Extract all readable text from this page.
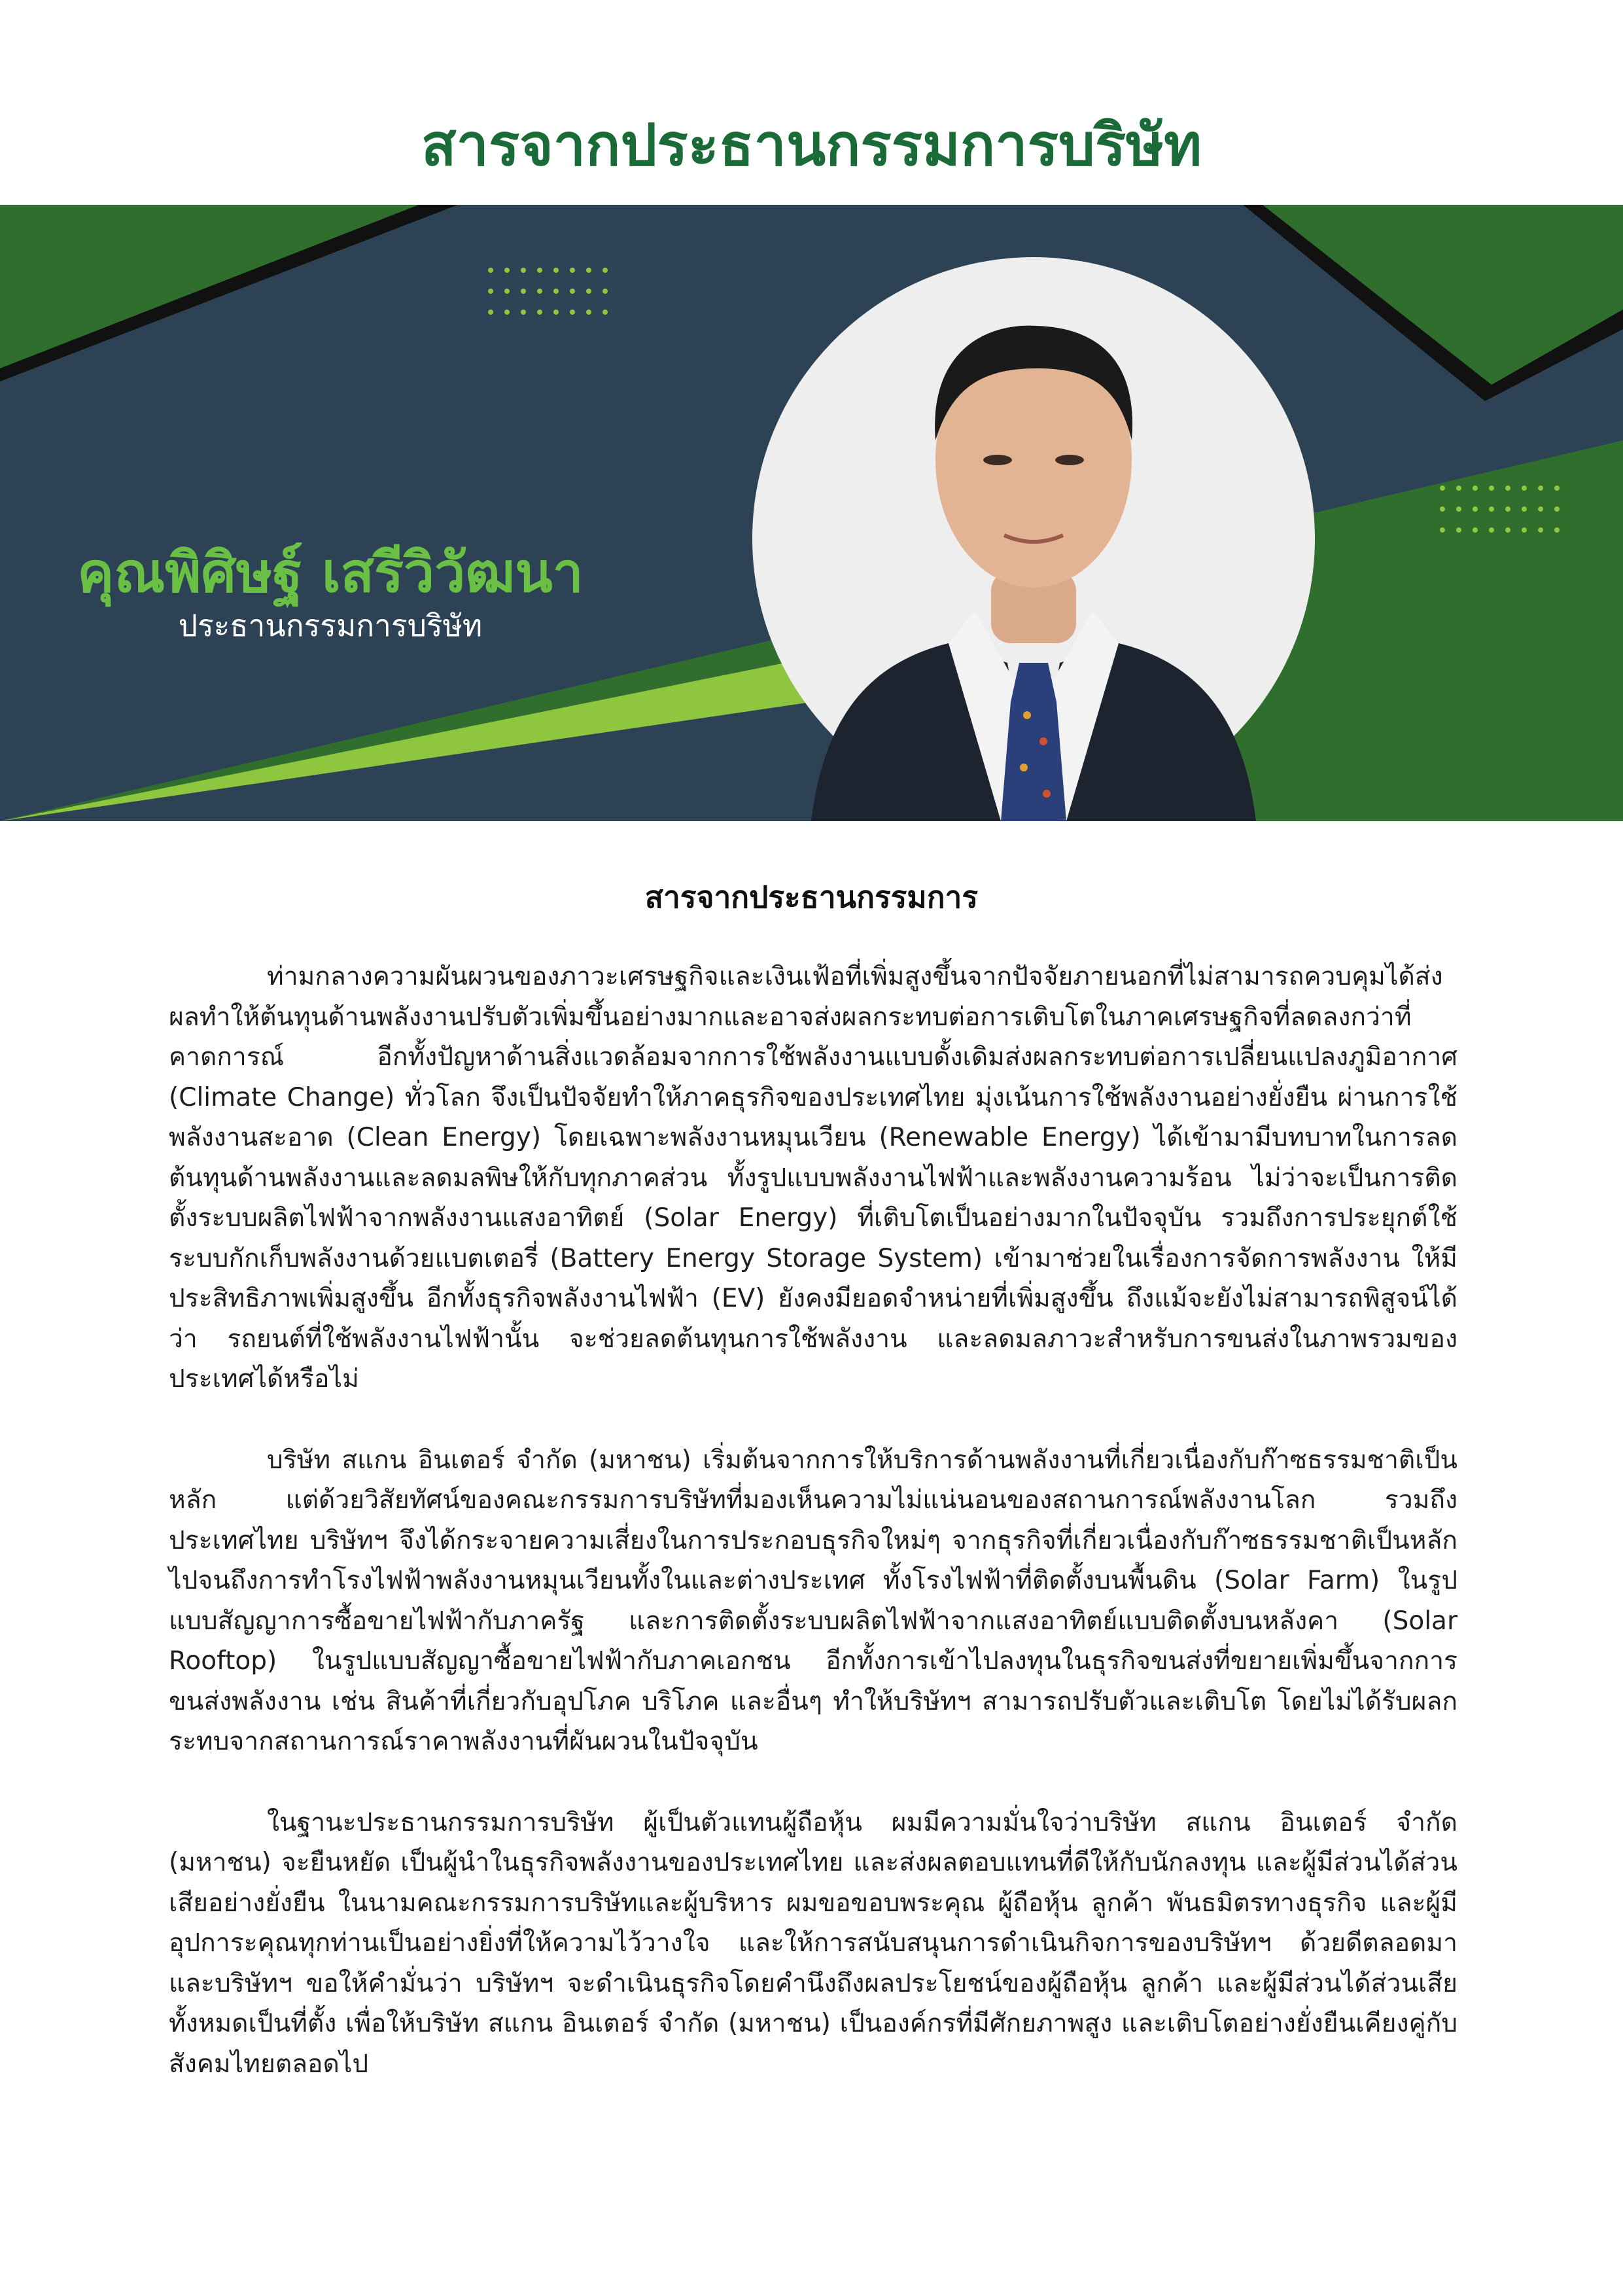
สารจากประธานกรรมการบริษัท
คุณพิศิษฐ์ เสรีวิวัฒนา
ประธานกรรมการบริษัท
สารจากประธานกรรมการ

ท่ามกลางความผันผวนของภาวะเศรษฐกิจและเงินเฟ้อที่เพิ่มสูงขึ้นจากปัจจัยภายนอกที่ไม่สามารถควบคุมได้ส่งผลทำให้ต้นทุนด้านพลังงานปรับตัวเพิ่มขึ้นอย่างมากและอาจส่งผลกระทบต่อการเติบโตในภาคเศรษฐกิจที่ลดลงกว่าที่คาดการณ์ อีกทั้งปัญหาด้านสิ่งแวดล้อมจากการใช้พลังงานแบบดั้งเดิมส่งผลกระทบต่อการเปลี่ยนแปลงภูมิอากาศ (Climate Change) ทั่วโลก จึงเป็นปัจจัยทำให้ภาคธุรกิจของประเทศไทย มุ่งเน้นการใช้พลังงานอย่างยั่งยืน ผ่านการใช้พลังงานสะอาด (Clean Energy) โดยเฉพาะพลังงานหมุนเวียน (Renewable Energy) ได้เข้ามามีบทบาทในการลดต้นทุนด้านพลังงานและลดมลพิษให้กับทุกภาคส่วน ทั้งรูปแบบพลังงานไฟฟ้าและพลังงานความร้อน ไม่ว่าจะเป็นการติดตั้งระบบผลิตไฟฟ้าจากพลังงานแสงอาทิตย์ (Solar Energy) ที่เติบโตเป็นอย่างมากในปัจจุบัน รวมถึงการประยุกต์ใช้ระบบกักเก็บพลังงานด้วยแบตเตอรี่ (Battery Energy Storage System) เข้ามาช่วยในเรื่องการจัดการพลังงาน ให้มีประสิทธิภาพเพิ่มสูงขึ้น อีกทั้งธุรกิจพลังงานไฟฟ้า (EV) ยังคงมียอดจำหน่ายที่เพิ่มสูงขึ้น ถึงแม้จะยังไม่สามารถพิสูจน์ได้ว่า รถยนต์ที่ใช้พลังงานไฟฟ้านั้น จะช่วยลดต้นทุนการใช้พลังงาน และลดมลภาวะสำหรับการขนส่งในภาพรวมของประเทศได้หรือไม่

บริษัท สแกน อินเตอร์ จำกัด (มหาชน) เริ่มต้นจากการให้บริการด้านพลังงานที่เกี่ยวเนื่องกับก๊าซธรรมชาติเป็นหลัก แต่ด้วยวิสัยทัศน์ของคณะกรรมการบริษัทที่มองเห็นความไม่แน่นอนของสถานการณ์พลังงานโลก รวมถึงประเทศไทย บริษัทฯ จึงได้กระจายความเสี่ยงในการประกอบธุรกิจใหม่ๆ จากธุรกิจที่เกี่ยวเนื่องกับก๊าซธรรมชาติเป็นหลัก ไปจนถึงการทำโรงไฟฟ้าพลังงานหมุนเวียนทั้งในและต่างประเทศ ทั้งโรงไฟฟ้าที่ติดตั้งบนพื้นดิน (Solar Farm) ในรูปแบบสัญญาการซื้อขายไฟฟ้ากับภาครัฐ และการติดตั้งระบบผลิตไฟฟ้าจากแสงอาทิตย์แบบติดตั้งบนหลังคา (Solar Rooftop) ในรูปแบบสัญญาซื้อขายไฟฟ้ากับภาคเอกชน อีกทั้งการเข้าไปลงทุนในธุรกิจขนส่งที่ขยายเพิ่มขึ้นจากการขนส่งพลังงาน เช่น สินค้าที่เกี่ยวกับอุปโภค บริโภค และอื่นๆ ทำให้บริษัทฯ สามารถปรับตัวและเติบโต โดยไม่ได้รับผลกระทบจากสถานการณ์ราคาพลังงานที่ผันผวนในปัจจุบัน

ในฐานะประธานกรรมการบริษัท ผู้เป็นตัวแทนผู้ถือหุ้น ผมมีความมั่นใจว่าบริษัท สแกน อินเตอร์ จำกัด (มหาชน) จะยืนหยัด เป็นผู้นำในธุรกิจพลังงานของประเทศไทย และส่งผลตอบแทนที่ดีให้กับนักลงทุน และผู้มีส่วนได้ส่วนเสียอย่างยั่งยืน ในนามคณะกรรมการบริษัทและผู้บริหาร ผมขอขอบพระคุณ ผู้ถือหุ้น ลูกค้า พันธมิตรทางธุรกิจ และผู้มีอุปการะคุณทุกท่านเป็นอย่างยิ่งที่ให้ความไว้วางใจ และให้การสนับสนุนการดำเนินกิจการของบริษัทฯ ด้วยดีตลอดมา และบริษัทฯ ขอให้คำมั่นว่า บริษัทฯ จะดำเนินธุรกิจโดยคำนึงถึงผลประโยชน์ของผู้ถือหุ้น ลูกค้า และผู้มีส่วนได้ส่วนเสียทั้งหมดเป็นที่ตั้ง เพื่อให้บริษัท สแกน อินเตอร์ จำกัด (มหาชน) เป็นองค์กรที่มีศักยภาพสูง และเติบโตอย่างยั่งยืนเคียงคู่กับสังคมไทยตลอดไป
